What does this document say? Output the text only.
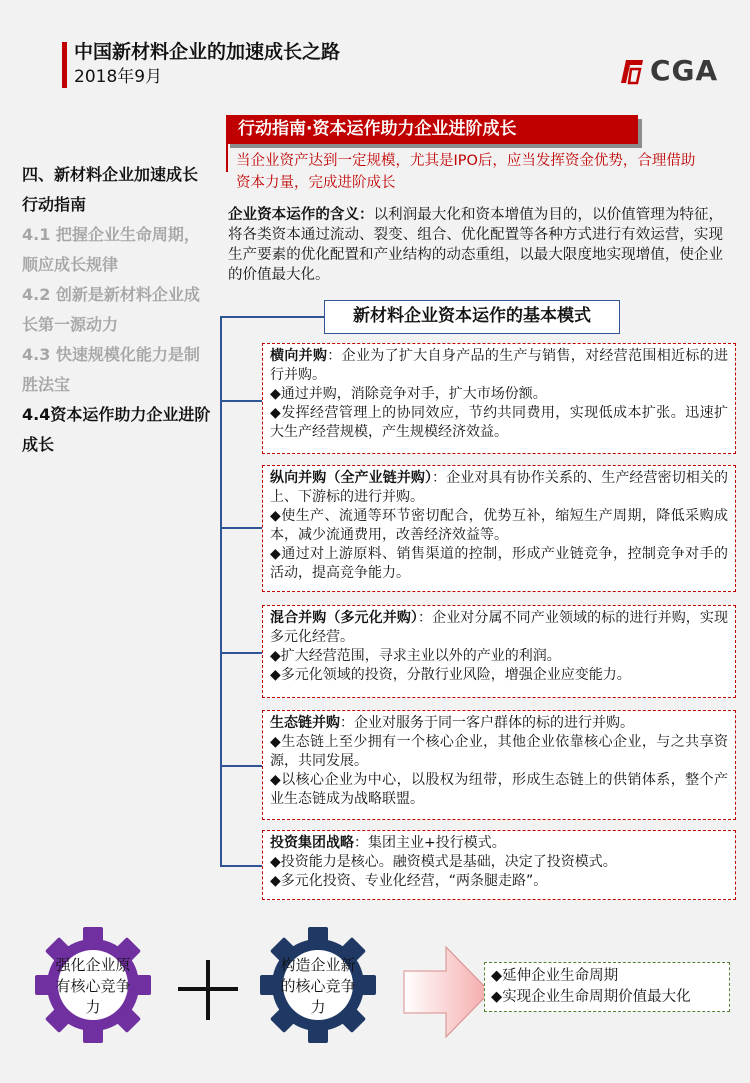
中国新材料企业的加速成长之路
2018年9月	CGA

四、新材料企业加速成长行动指南

4.1 把握企业生命周期，顺应成长规律

4.2 创新是新材料企业成长第一源动力

4.3 快速规模化能力是制胜法宝

4.4资本运作助力企业进阶成长

行动指南·资本运作助力企业进阶成长
当企业资产达到一定规模，尤其是IPO后，应当发挥资金优势，合理借助资本力量，完成进阶成长
企业资本运作的含义：以利润最大化和资本增值为目的，以价值管理为特征，将各类资本通过流动、裂变、组合、优化配置等各种方式进行有效运营，实现生产要素的优化配置和产业结构的动态重组，以最大限度地实现增值，使企业的价值最大化。
新材料企业资本运作的基本模式
横向并购：企业为了扩大自身产品的生产与销售，对经营范围相近标的进行并购。
◆通过并购，消除竞争对手，扩大市场份额。
◆发挥经营管理上的协同效应，节约共同费用，实现低成本扩张。迅速扩大生产经营规模，产生规模经济效益。
纵向并购（全产业链并购）：企业对具有协作关系的、生产经营密切相关的上、下游标的进行并购。
◆使生产、流通等环节密切配合，优势互补，缩短生产周期，降低采购成本，减少流通费用，改善经济效益等。
◆通过对上游原料、销售渠道的控制，形成产业链竞争，控制竞争对手的活动，提高竞争能力。
混合并购（多元化并购）：企业对分属不同产业领域的标的进行并购，实现多元化经营。
◆扩大经营范围，寻求主业以外的产业的利润。
◆多元化领域的投资，分散行业风险，增强企业应变能力。
生态链并购：企业对服务于同一客户群体的标的进行并购。
◆生态链上至少拥有一个核心企业，其他企业依靠核心企业，与之共享资源，共同发展。
◆以核心企业为中心，以股权为纽带，形成生态链上的供销体系，整个产业生态链成为战略联盟。
投资集团战略：集团主业+投行模式。
◆投资能力是核心。融资模式是基础，决定了投资模式。
◆多元化投资、专业化经营，“两条腿走路”。
强化企业原有核心竞争力
构造企业新的核心竞争力
◆延伸企业生命周期
◆实现企业生命周期价值最大化
